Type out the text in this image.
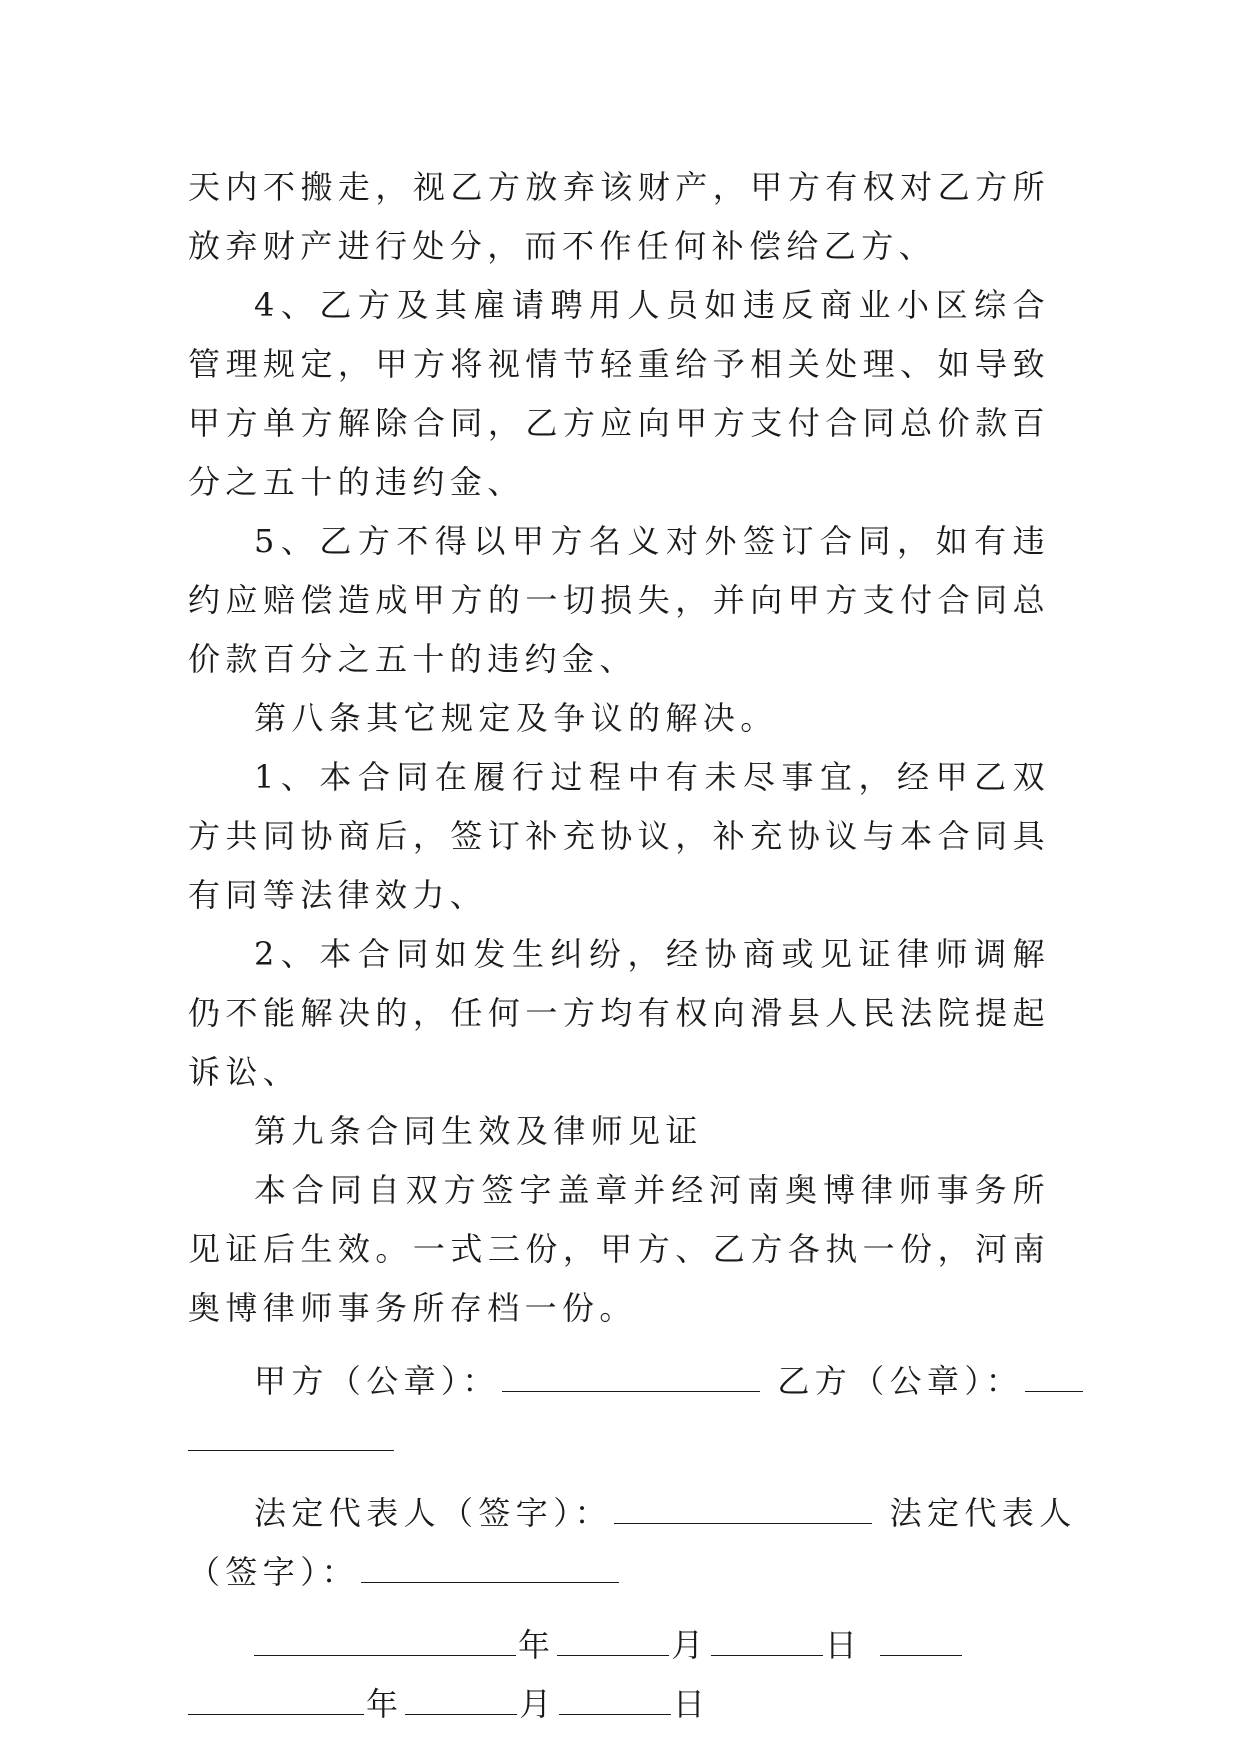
天内不搬走，视乙方放弃该财产，甲方有权对乙方所放弃财产进行处分，而不作任何补偿给乙方、

4、乙方及其雇请聘用人员如违反商业小区综合管理规定，甲方将视情节轻重给予相关处理、如导致甲方单方解除合同，乙方应向甲方支付合同总价款百分之五十的违约金、

5、乙方不得以甲方名义对外签订合同，如有违约应赔偿造成甲方的一切损失，并向甲方支付合同总价款百分之五十的违约金、

第八条其它规定及争议的解决。

1、本合同在履行过程中有未尽事宜，经甲乙双方共同协商后，签订补充协议，补充协议与本合同具有同等法律效力、

2、本合同如发生纠纷，经协商或见证律师调解仍不能解决的，任何一方均有权向滑县人民法院提起诉讼、

第九条合同生效及律师见证

本合同自双方签字盖章并经河南奥博律师事务所见证后生效。一式三份，甲方、乙方各执一份，河南奥博律师事务所存档一份。

甲方（公章）：	乙方（公章）：
法定代表人（签字）：	法定代表人
（签字）：
年	月	日
年	月	日
